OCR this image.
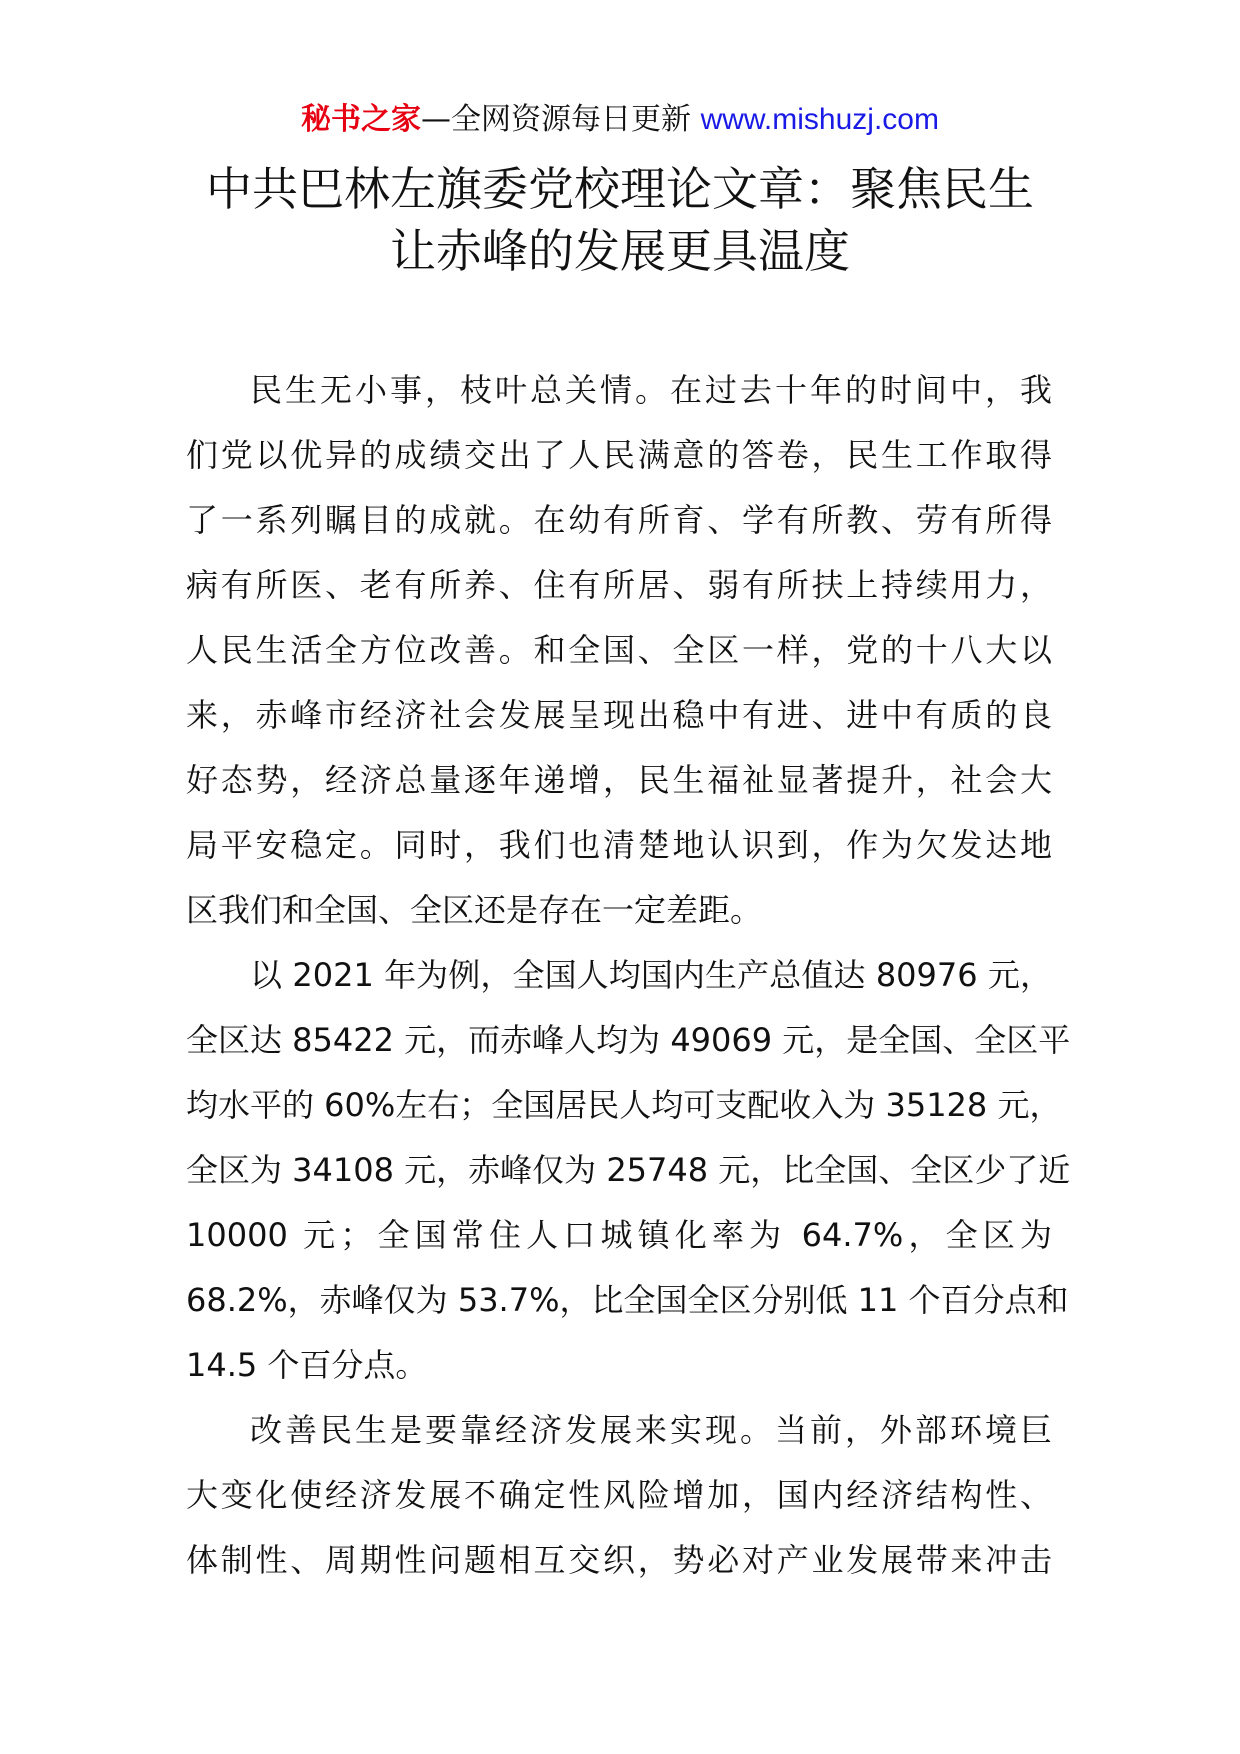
秘书之家—全网资源每日更新 www.mishuzj.com
中共巴林左旗委党校理论文章：聚焦民生
让赤峰的发展更具温度
民生无小事，枝叶总关情。在过去十年的时间中，我
们党以优异的成绩交出了人民满意的答卷，民生工作取得
了一系列瞩目的成就。在幼有所育、学有所教、劳有所得
病有所医、老有所养、住有所居、弱有所扶上持续用力，
人民生活全方位改善。和全国、全区一样，党的十八大以
来，赤峰市经济社会发展呈现出稳中有进、进中有质的良
好态势，经济总量逐年递增，民生福祉显著提升，社会大
局平安稳定。同时，我们也清楚地认识到，作为欠发达地
区我们和全国、全区还是存在一定差距。
以 2021 年为例，全国人均国内生产总值达 80976 元，
全区达 85422 元，而赤峰人均为 49069 元，是全国、全区平
均水平的 60%左右；全国居民人均可支配收入为 35128 元，
全区为 34108 元，赤峰仅为 25748 元，比全国、全区少了近
10000 元；全国常住人口城镇化率为 64.7%，全区为
68.2%，赤峰仅为 53.7%，比全国全区分别低 11 个百分点和
14.5 个百分点。
改善民生是要靠经济发展来实现。当前，外部环境巨
大变化使经济发展不确定性风险增加，国内经济结构性、
体制性、周期性问题相互交织，势必对产业发展带来冲击
